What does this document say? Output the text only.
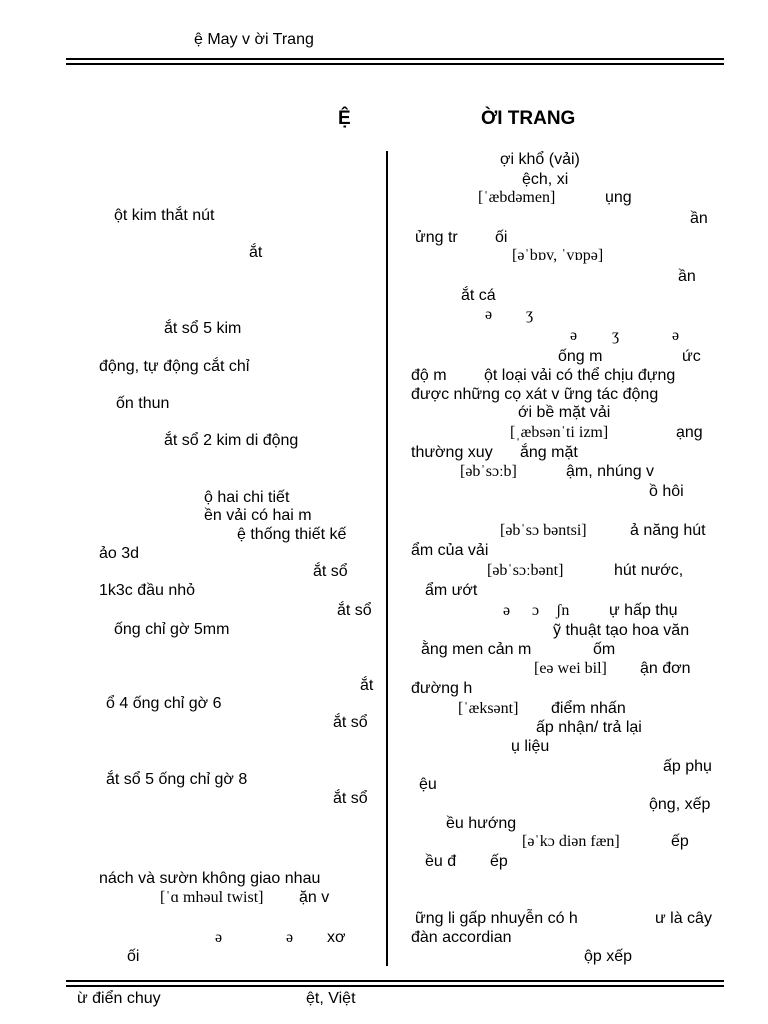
ệ May v ời Trang
Ệ	ỜI TRANG
ột kim thắt nút
ắt
ắt sổ 5 kim
động, tự động cắt chỉ
ốn thun
ắt sổ 2 kim di động
ộ hai chi tiết
ền vải có hai m
ệ thống thiết kế
ảo 3d
ắt sổ
1k3c đầu nhỏ
ắt sổ
ống chỉ gờ 5mm
ắt
ổ 4 ống chỉ gờ 6
ắt sổ
ắt sổ 5 ống chỉ gờ 8
ắt sổ
nách và sườn không giao nhau
[ˈɑ mhəul twist] ặn v
ə	ə xơ
ối
ợi khổ (vải)
ệch, xi
[ˈæbdəmen]	ụng
ần
ửng tr ối
[əˈbɒv, ˈvɒpə]
ần
ắt cá
ə ʒ
ə ʒ	ə
ống m	ức
độ m ột loại vải có thể chịu đựng
được những cọ xát v ững tác động
ới bề mặt vải
[ˌæbsənˈti izm]	ạng
thường xuy ắng mặt
[əbˈsɔːb]	ậm, nhúng v
ồ hôi
[əbˈsɔ bəntsi]	ả năng hút
ẩm của vải
[əbˈsɔːbənt]	hút nước,
ẩm ướt
ə ɔ ʃn ự hấp thụ
ỹ thuật tạo hoa văn
ằng men cản m	ốm
[eə wei bil] ận đơn
đường h
[ˈæksənt] điểm nhấn
ấp nhận/ trả lại
ụ liệu
ấp phụ
ệu
ộng, xếp
ều hướng
[əˈkɔ diən fæn]	ếp
ều đ ếp
ững li gấp nhuyễn có h	ư là cây
đàn accordian
ộp xếp
ừ điển chuy	ệt, Việt
